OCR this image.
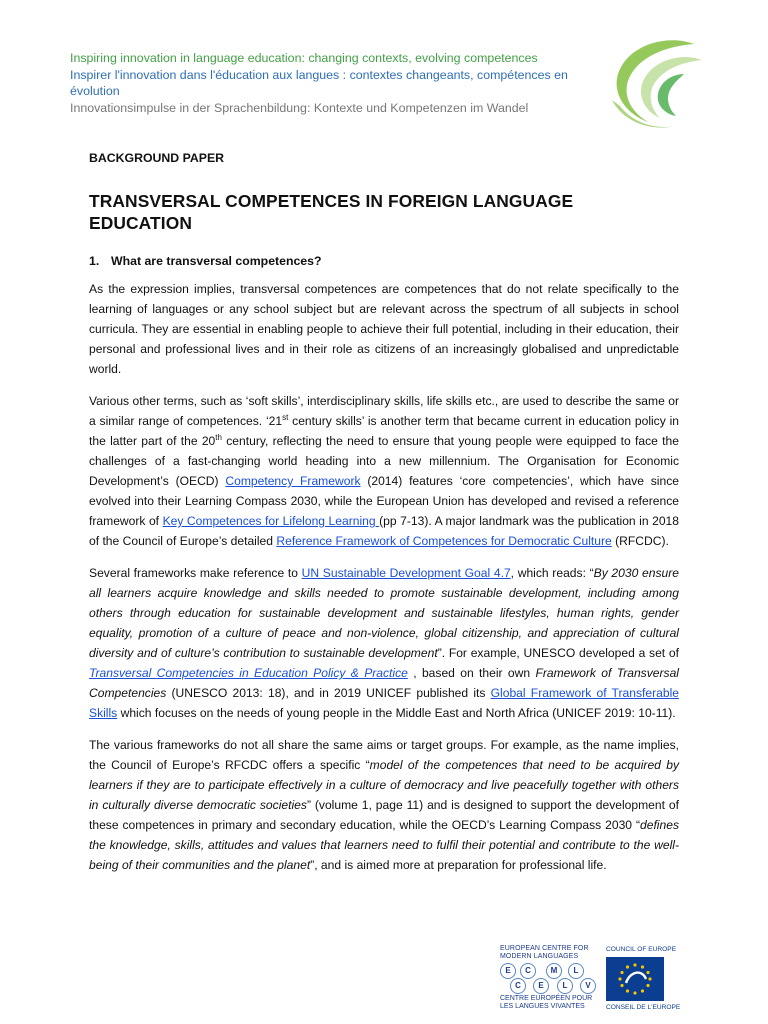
Inspiring innovation in language education: changing contexts, evolving competences
Inspirer l'innovation dans l'éducation aux langues : contextes changeants, compétences en évolution
Innovationsimpulse in der Sprachenbildung: Kontexte und Kompetenzen im Wandel

BACKGROUND PAPER

TRANSVERSAL COMPETENCES IN FOREIGN LANGUAGE EDUCATION
1. What are transversal competences?

As the expression implies, transversal competences are competences that do not relate specifically to the learning of languages or any school subject but are relevant across the spectrum of all subjects in school curricula. They are essential in enabling people to achieve their full potential, including in their education, their personal and professional lives and in their role as citizens of an increasingly globalised and unpredictable world.

Various other terms, such as ‘soft skills’, interdisciplinary skills, life skills etc., are used to describe the same or a similar range of competences. ‘21st century skills’ is another term that became current in education policy in the latter part of the 20th century, reflecting the need to ensure that young people were equipped to face the challenges of a fast-changing world heading into a new millennium. The Organisation for Economic Development’s (OECD) Competency Framework (2014) features ‘core competencies’, which have since evolved into their Learning Compass 2030, while the European Union has developed and revised a reference framework of Key Competences for Lifelong Learning (pp 7-13). A major landmark was the publication in 2018 of the Council of Europe’s detailed Reference Framework of Competences for Democratic Culture (RFCDC).

Several frameworks make reference to UN Sustainable Development Goal 4.7, which reads: “By 2030 ensure all learners acquire knowledge and skills needed to promote sustainable development, including among others through education for sustainable development and sustainable lifestyles, human rights, gender equality, promotion of a culture of peace and non-violence, global citizenship, and appreciation of cultural diversity and of culture’s contribution to sustainable development”. For example, UNESCO developed a set of Transversal Competencies in Education Policy & Practice , based on their own Framework of Transversal Competencies (UNESCO 2013: 18), and in 2019 UNICEF published its Global Framework of Transferable Skills which focuses on the needs of young people in the Middle East and North Africa (UNICEF 2019: 10-11).

The various frameworks do not all share the same aims or target groups. For example, as the name implies, the Council of Europe’s RFCDC offers a specific “model of the competences that need to be acquired by learners if they are to participate effectively in a culture of democracy and live peacefully together with others in culturally diverse democratic societies” (volume 1, page 11) and is designed to support the development of these competences in primary and secondary education, while the OECD’s Learning Compass 2030 “defines the knowledge, skills, attitudes and values that learners need to fulfil their potential and contribute to the well-being of their communities and the planet”, and is aimed more at preparation for professional life.

EUROPEAN CENTRE FOR MODERN LANGUAGES
E	C	M	L
C	E	L	V
CENTRE EUROPÉEN POUR LES LANGUES VIVANTES
COUNCIL OF EUROPE
CONSEIL DE L'EUROPE
